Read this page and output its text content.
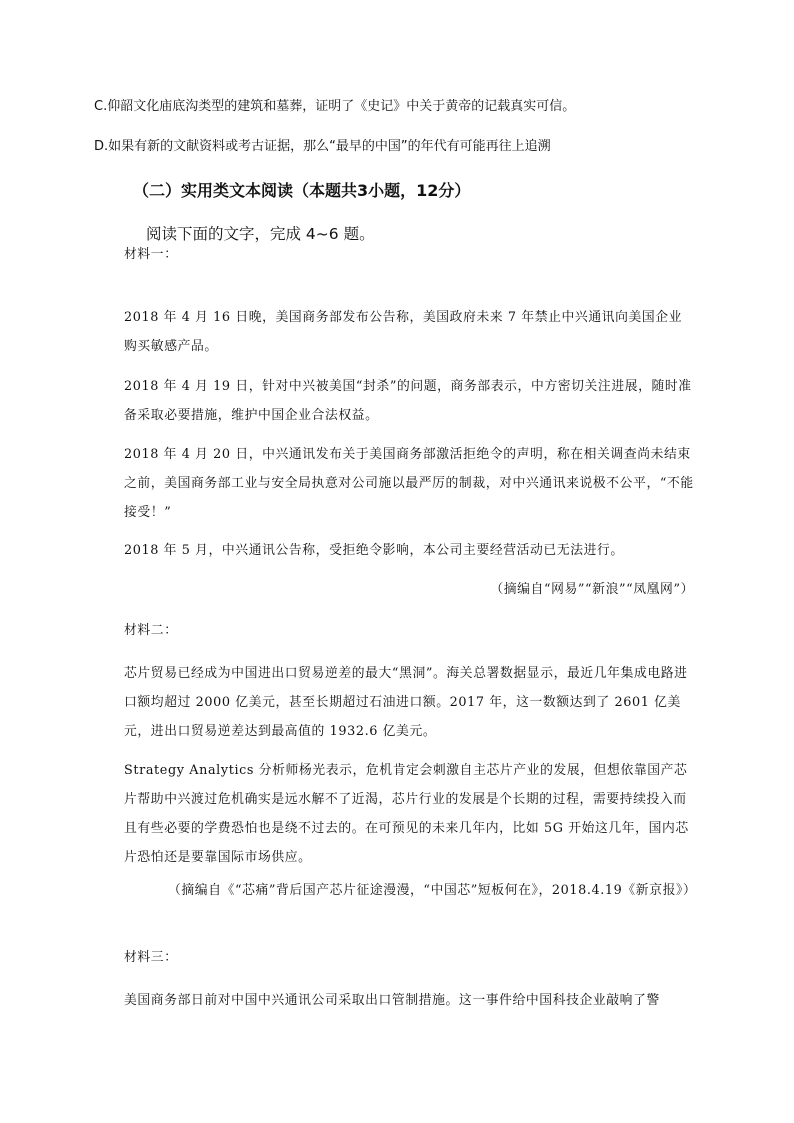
C.仰韶文化庙底沟类型的建筑和墓葬，证明了《史记》中关于黄帝的记载真实可信。
D.如果有新的文献资料或考古证据，那么“最早的中国”的年代有可能再往上追溯
（二）实用类文本阅读（本题共3小题，12分）
阅读下面的文字，完成 4~6 题。
材料一：
2018 年 4 月 16 日晚，美国商务部发布公告称，美国政府未来 7 年禁止中兴通讯向美国企业购买敏感产品。
2018 年 4 月 19 日，针对中兴被美国“封杀”的问题，商务部表示，中方密切关注进展，随时准备采取必要措施，维护中国企业合法权益。
2018 年 4 月 20 日，中兴通讯发布关于美国商务部激活拒绝令的声明，称在相关调查尚未结束之前，美国商务部工业与安全局执意对公司施以最严厉的制裁，对中兴通讯来说极不公平，“不能接受！”
2018 年 5 月，中兴通讯公告称，受拒绝令影响，本公司主要经营活动已无法进行。
（摘编自“网易”“新浪”“凤凰网”）
材料二：
芯片贸易已经成为中国进出口贸易逆差的最大“黑洞”。海关总署数据显示，最近几年集成电路进口额均超过 2000 亿美元，甚至长期超过石油进口额。2017 年，这一数额达到了 2601 亿美元，进出口贸易逆差达到最高值的 1932.6 亿美元。
Strategy Analytics 分析师杨光表示，危机肯定会刺激自主芯片产业的发展，但想依靠国产芯片帮助中兴渡过危机确实是远水解不了近渴，芯片行业的发展是个长期的过程，需要持续投入而且有些必要的学费恐怕也是绕不过去的。在可预见的未来几年内，比如 5G 开始这几年，国内芯片恐怕还是要靠国际市场供应。
（摘编自《“芯痛”背后国产芯片征途漫漫，“中国芯”短板何在》，2018.4.19《新京报》）
材料三：
美国商务部日前对中国中兴通讯公司采取出口管制措施。这一事件给中国科技企业敲响了警
